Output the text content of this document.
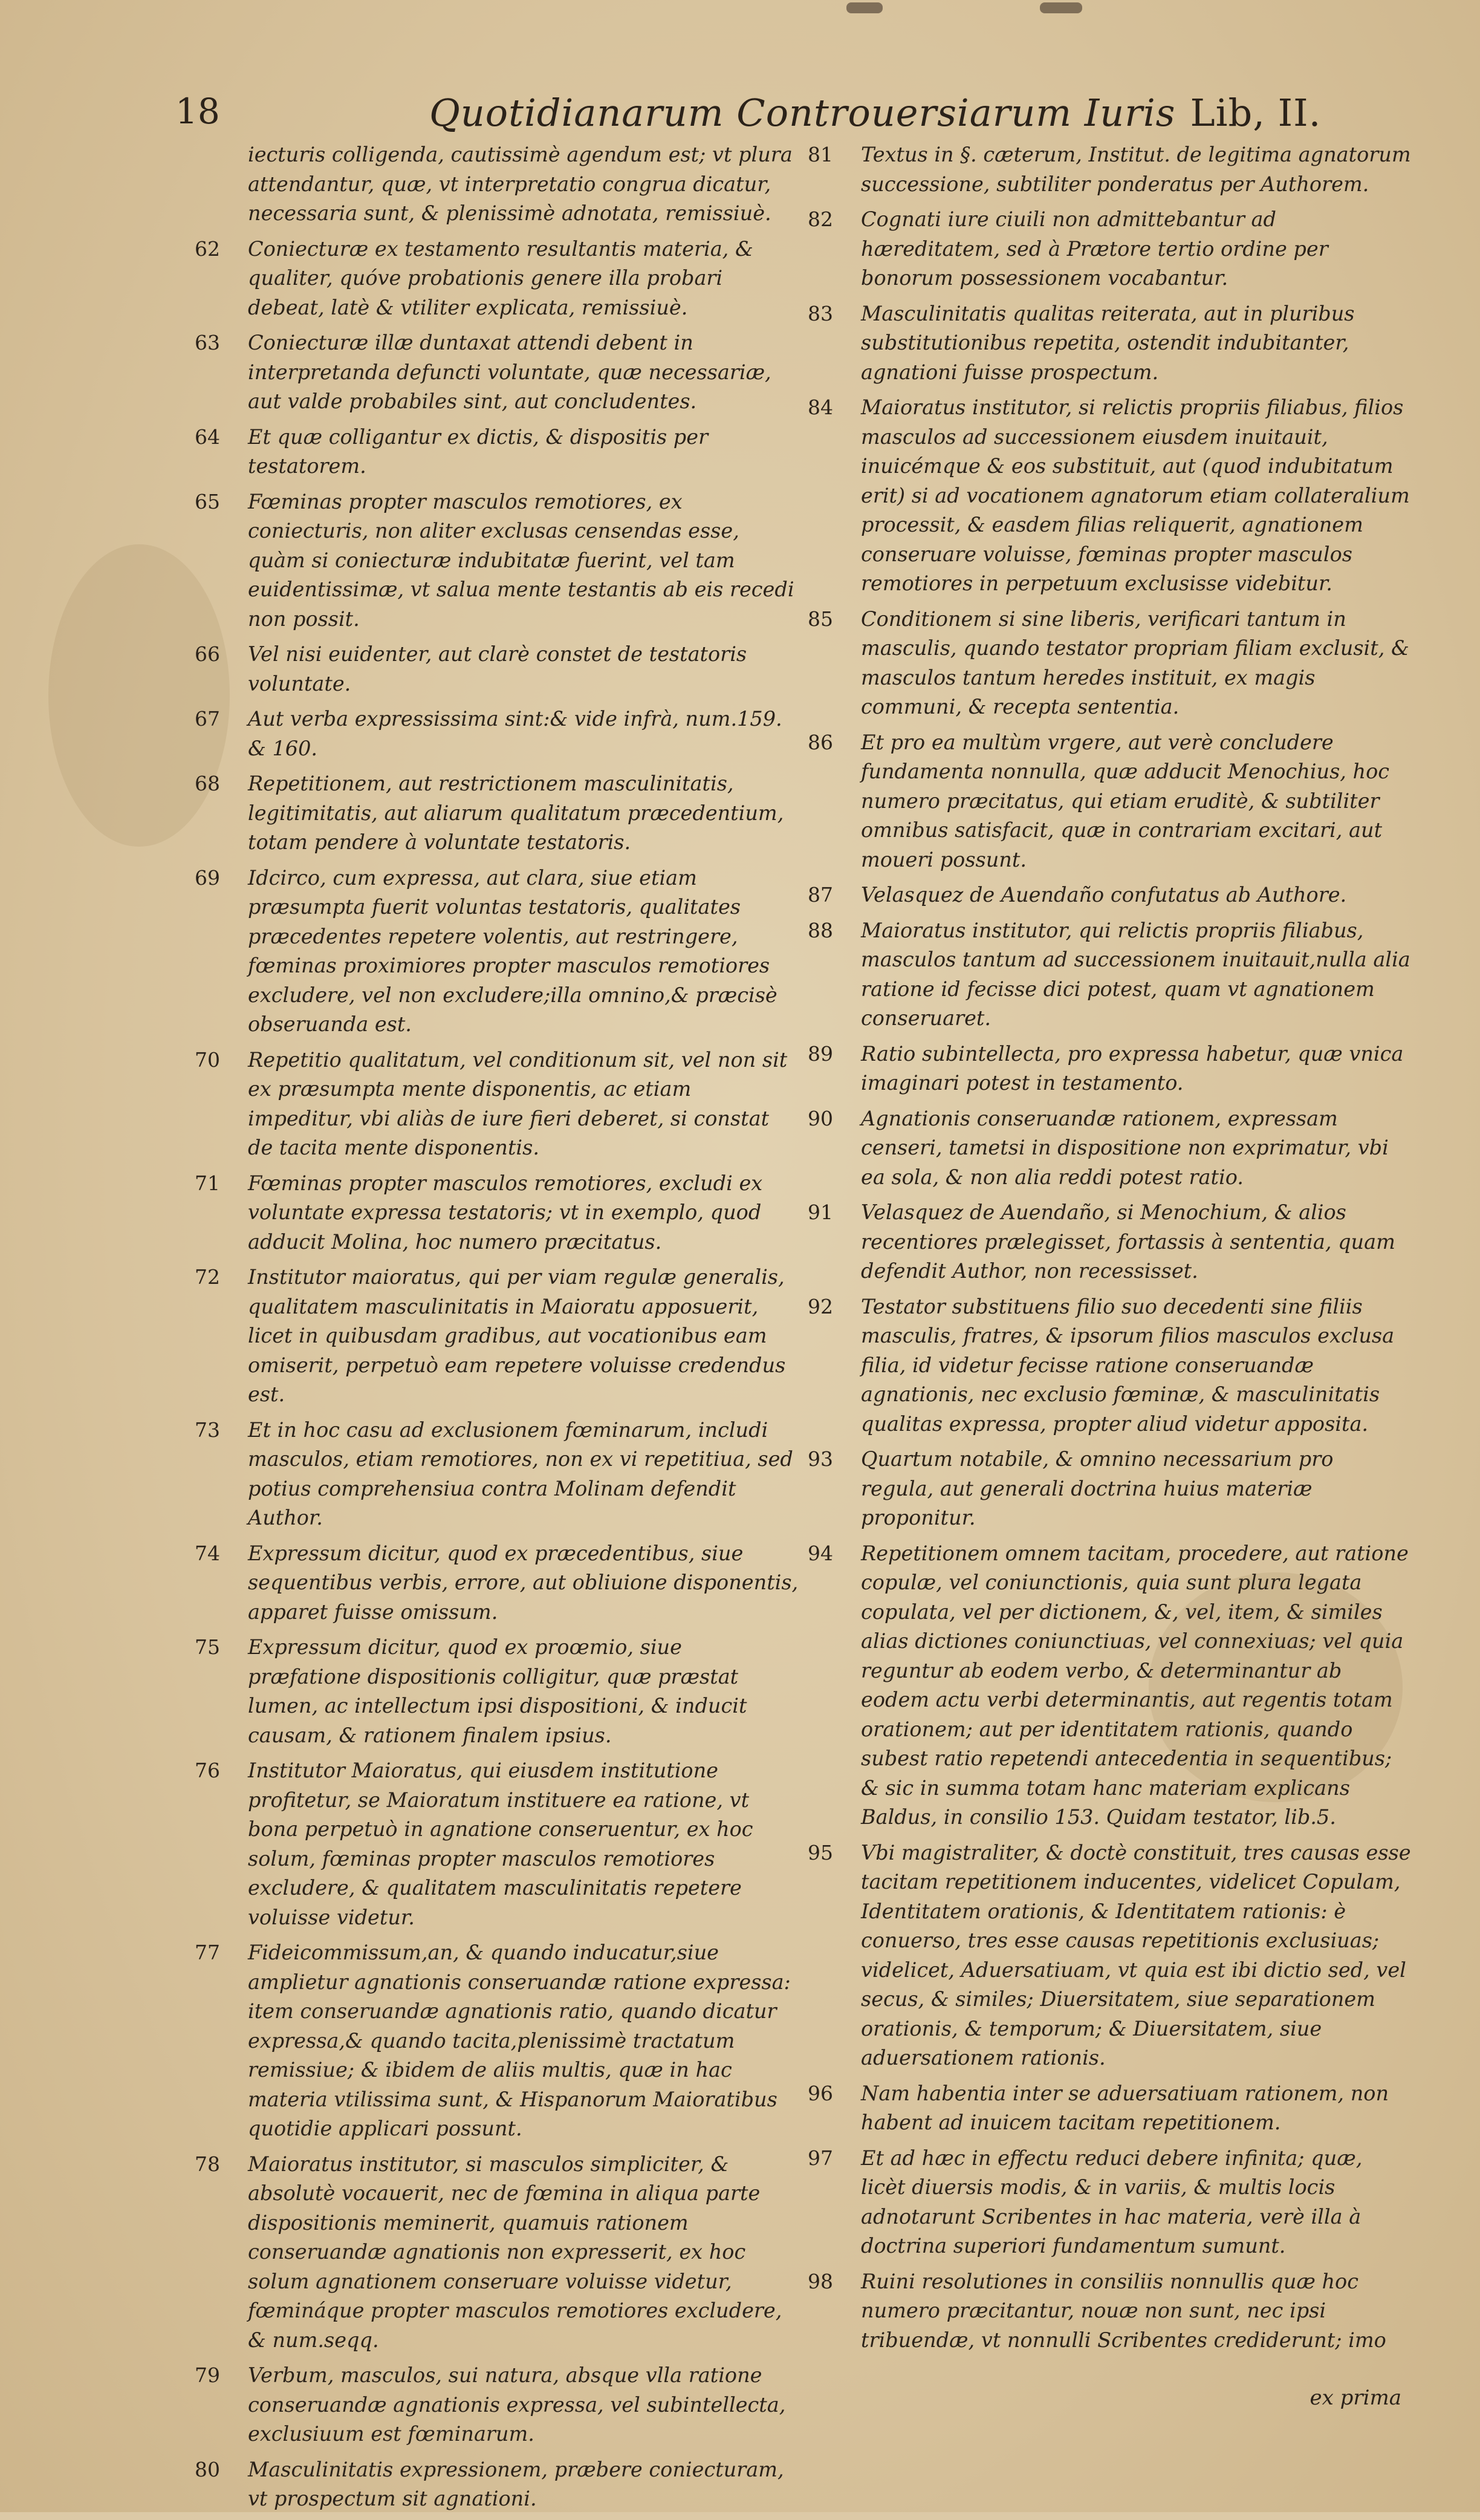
18	Quotidianarum Controuersiarum Iuris Lib, II.
iecturis colligenda, cautissimè agendum est; vt plura attendantur, quæ, vt interpretatio congrua dicatur, necessaria sunt, & plenissimè adnotata, remissiuè.
62 Coniecturæ ex testamento resultantis materia, & qualiter, quóve probationis genere illa probari debeat, latè & vtiliter explicata, remissiuè.
63 Coniecturæ illæ duntaxat attendi debent in interpretanda defuncti voluntate, quæ necessariæ, aut valde probabiles sint, aut concludentes.
64 Et quæ colligantur ex dictis, & dispositis per testatorem.
65 Fœminas propter masculos remotiores, ex coniecturis, non aliter exclusas censendas esse, quàm si coniecturæ indubitatæ fuerint, vel tam euidentissimæ, vt salua mente testantis ab eis recedi non possit.
66 Vel nisi euidenter, aut clarè constet de testatoris voluntate.
67 Aut verba expressissima sint:& vide infrà, num.159. & 160.
68 Repetitionem, aut restrictionem masculinitatis, legitimitatis, aut aliarum qualitatum præcedentium, totam pendere à voluntate testatoris.
69 Idcirco, cum expressa, aut clara, siue etiam præsumpta fuerit voluntas testatoris, qualitates præcedentes repetere volentis, aut restringere, fœminas proximiores propter masculos remotiores excludere, vel non excludere;illa omnino,& præcisè obseruanda est.
70 Repetitio qualitatum, vel conditionum sit, vel non sit ex præsumpta mente disponentis, ac etiam impeditur, vbi aliàs de iure fieri deberet, si constat de tacita mente disponentis.
71 Fœminas propter masculos remotiores, excludi ex voluntate expressa testatoris; vt in exemplo, quod adducit Molina, hoc numero præcitatus.
72 Institutor maioratus, qui per viam regulæ generalis, qualitatem masculinitatis in Maioratu apposuerit, licet in quibusdam gradibus, aut vocationibus eam omiserit, perpetuò eam repetere voluisse credendus est.
73 Et in hoc casu ad exclusionem fœminarum, includi masculos, etiam remotiores, non ex vi repetitiua, sed potius comprehensiua contra Molinam defendit Author.
74 Expressum dicitur, quod ex præcedentibus, siue sequentibus verbis, errore, aut obliuione disponentis, apparet fuisse omissum.
75 Expressum dicitur, quod ex proœmio, siue præfatione dispositionis colligitur, quæ præstat lumen, ac intellectum ipsi dispositioni, & inducit causam, & rationem finalem ipsius.
76 Institutor Maioratus, qui eiusdem institutione profitetur, se Maioratum instituere ea ratione, vt bona perpetuò in agnatione conseruentur, ex hoc solum, fœminas propter masculos remotiores excludere, & qualitatem masculinitatis repetere voluisse videtur.
77 Fideicommissum,an, & quando inducatur,siue amplietur agnationis conseruandæ ratione expressa: item conseruandæ agnationis ratio, quando dicatur expressa,& quando tacita,plenissimè tractatum remissiue; & ibidem de aliis multis, quæ in hac materia vtilissima sunt, & Hispanorum Maioratibus quotidie applicari possunt.
78 Maioratus institutor, si masculos simpliciter, & absolutè vocauerit, nec de fœmina in aliqua parte dispositionis meminerit, quamuis rationem conseruandæ agnationis non expresserit, ex hoc solum agnationem conseruare voluisse videtur, fœmináque propter masculos remotiores excludere, & num.seqq.
79 Verbum, masculos, sui natura, absque vlla ratione conseruandæ agnationis expressa, vel subintellecta, exclusiuum est fœminarum.
80 Masculinitatis expressionem, præbere coniecturam, vt prospectum sit agnationi.
81 Textus in §. cæterum, Institut. de legitima agnatorum successione, subtiliter ponderatus per Authorem.
82 Cognati iure ciuili non admittebantur ad hæreditatem, sed à Prætore tertio ordine per bonorum possessionem vocabantur.
83 Masculinitatis qualitas reiterata, aut in pluribus substitutionibus repetita, ostendit indubitanter, agnationi fuisse prospectum.
84 Maioratus institutor, si relictis propriis filiabus, filios masculos ad successionem eiusdem inuitauit, inuicémque & eos substituit, aut (quod indubitatum erit) si ad vocationem agnatorum etiam collateralium processit, & easdem filias reliquerit, agnationem conseruare voluisse, fœminas propter masculos remotiores in perpetuum exclusisse videbitur.
85 Conditionem si sine liberis, verificari tantum in masculis, quando testator propriam filiam exclusit, & masculos tantum heredes instituit, ex magis communi, & recepta sententia.
86 Et pro ea multùm vrgere, aut verè concludere fundamenta nonnulla, quæ adducit Menochius, hoc numero præcitatus, qui etiam eruditè, & subtiliter omnibus satisfacit, quæ in contrariam excitari, aut moueri possunt.
87 Velasquez de Auendaño confutatus ab Authore.
88 Maioratus institutor, qui relictis propriis filiabus, masculos tantum ad successionem inuitauit,nulla alia ratione id fecisse dici potest, quam vt agnationem conseruaret.
89 Ratio subintellecta, pro expressa habetur, quæ vnica imaginari potest in testamento.
90 Agnationis conseruandæ rationem, expressam censeri, tametsi in dispositione non exprimatur, vbi ea sola, & non alia reddi potest ratio.
91 Velasquez de Auendaño, si Menochium, & alios recentiores prælegisset, fortassis à sententia, quam defendit Author, non recessisset.
92 Testator substituens filio suo decedenti sine filiis masculis, fratres, & ipsorum filios masculos exclusa filia, id videtur fecisse ratione conseruandæ agnationis, nec exclusio fœminæ, & masculinitatis qualitas expressa, propter aliud videtur apposita.
93 Quartum notabile, & omnino necessarium pro regula, aut generali doctrina huius materiæ proponitur.
94 Repetitionem omnem tacitam, procedere, aut ratione copulæ, vel coniunctionis, quia sunt plura legata copulata, vel per dictionem, &, vel, item, & similes alias dictiones coniunctiuas, vel connexiuas; vel quia reguntur ab eodem verbo, & determinantur ab eodem actu verbi determinantis, aut regentis totam orationem; aut per identitatem rationis, quando subest ratio repetendi antecedentia in sequentibus; & sic in summa totam hanc materiam explicans Baldus, in consilio 153. Quidam testator, lib.5.
95 Vbi magistraliter, & doctè constituit, tres causas esse tacitam repetitionem inducentes, videlicet Copulam, Identitatem orationis, & Identitatem rationis: è conuerso, tres esse causas repetitionis exclusiuas; videlicet, Aduersatiuam, vt quia est ibi dictio sed, vel secus, & similes; Diuersitatem, siue separationem orationis, & temporum; & Diuersitatem, siue aduersationem rationis.
96 Nam habentia inter se aduersatiuam rationem, non habent ad inuicem tacitam repetitionem.
97 Et ad hæc in effectu reduci debere infinita; quæ, licèt diuersis modis, & in variis, & multis locis adnotarunt Scribentes in hac materia, verè illa à doctrina superiori fundamentum sumunt.
98 Ruini resolutiones in consiliis nonnullis quæ hoc numero præcitantur, nouæ non sunt, nec ipsi tribuendæ, vt nonnulli Scribentes crediderunt; imo
ex prima
